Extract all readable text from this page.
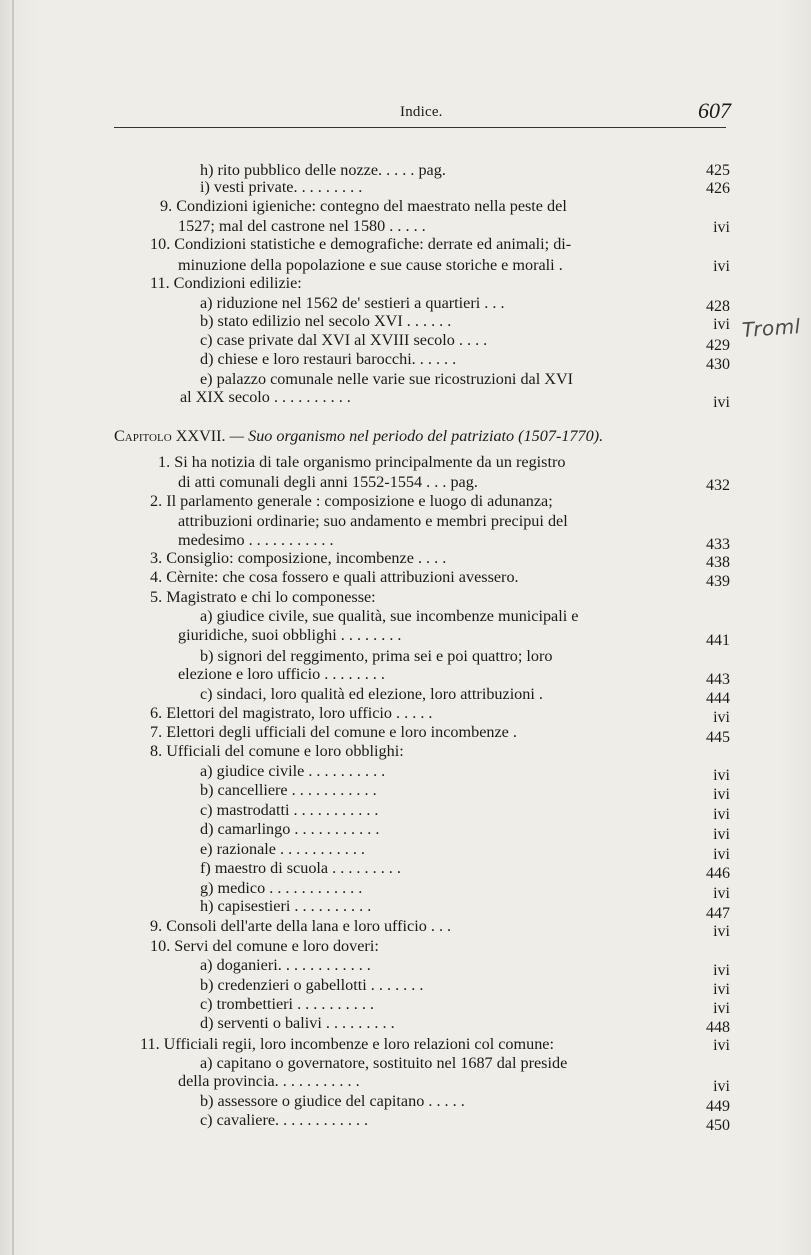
Indice.	607
h) rito pubblico delle nozze. . . . . pag.	425
i) vesti private. . . . . . . . .	426
9. Condizioni igieniche: contegno del maestrato nella peste del
1527; mal del castrone nel 1580 . . . . .	ivi
10. Condizioni statistiche e demografiche: derrate ed animali; di-
minuzione della popolazione e sue cause storiche e morali .	ivi
11. Condizioni edilizie:
a) riduzione nel 1562 de' sestieri a quartieri . . .	428
b) stato edilizio nel secolo XVI . . . . . .	ivi
c) case private dal XVI al XVIII secolo . . . .	429
d) chiese e loro restauri barocchi. . . . . .	430
e) palazzo comunale nelle varie sue ricostruzioni dal XVI
al XIX secolo . . . . . . . . . .	ivi
Capitolo XXVII. — Suo organismo nel periodo del patriziato (1507-1770).
1. Si ha notizia di tale organismo principalmente da un registro
di atti comunali degli anni 1552-1554 . . . pag.	432
2. Il parlamento generale : composizione e luogo di adunanza;
attribuzioni ordinarie; suo andamento e membri precipui del
medesimo . . . . . . . . . . .	433
3. Consiglio: composizione, incombenze . . . .	438
4. Cèrnite: che cosa fossero e quali attribuzioni avessero.	439
5. Magistrato e chi lo componesse:
a) giudice civile, sue qualità, sue incombenze municipali e
giuridiche, suoi obblighi . . . . . . . .	441
b) signori del reggimento, prima sei e poi quattro; loro
elezione e loro ufficio . . . . . . . .	443
c) sindaci, loro qualità ed elezione, loro attribuzioni .	444
6. Elettori del magistrato, loro ufficio . . . . .	ivi
7. Elettori degli ufficiali del comune e loro incombenze .	445
8. Ufficiali del comune e loro obblighi:
a) giudice civile . . . . . . . . . .	ivi
b) cancelliere . . . . . . . . . . .	ivi
c) mastrodatti . . . . . . . . . . .	ivi
d) camarlingo . . . . . . . . . . .	ivi
e) razionale . . . . . . . . . . .	ivi
f) maestro di scuola . . . . . . . . .	446
g) medico . . . . . . . . . . . .	ivi
h) capisestieri . . . . . . . . . .	447
9. Consoli dell'arte della lana e loro ufficio . . .	ivi
10. Servi del comune e loro doveri:
a) doganieri. . . . . . . . . . . .	ivi
b) credenzieri o gabellotti . . . . . . .	ivi
c) trombettieri . . . . . . . . . .	ivi
d) serventi o balivi . . . . . . . . .	448
11. Ufficiali regii, loro incombenze e loro relazioni col comune:	ivi
a) capitano o governatore, sostituito nel 1687 dal preside
della provincia. . . . . . . . . . .	ivi
b) assessore o giudice del capitano . . . . .	449
c) cavaliere. . . . . . . . . . . .	450
Troml
